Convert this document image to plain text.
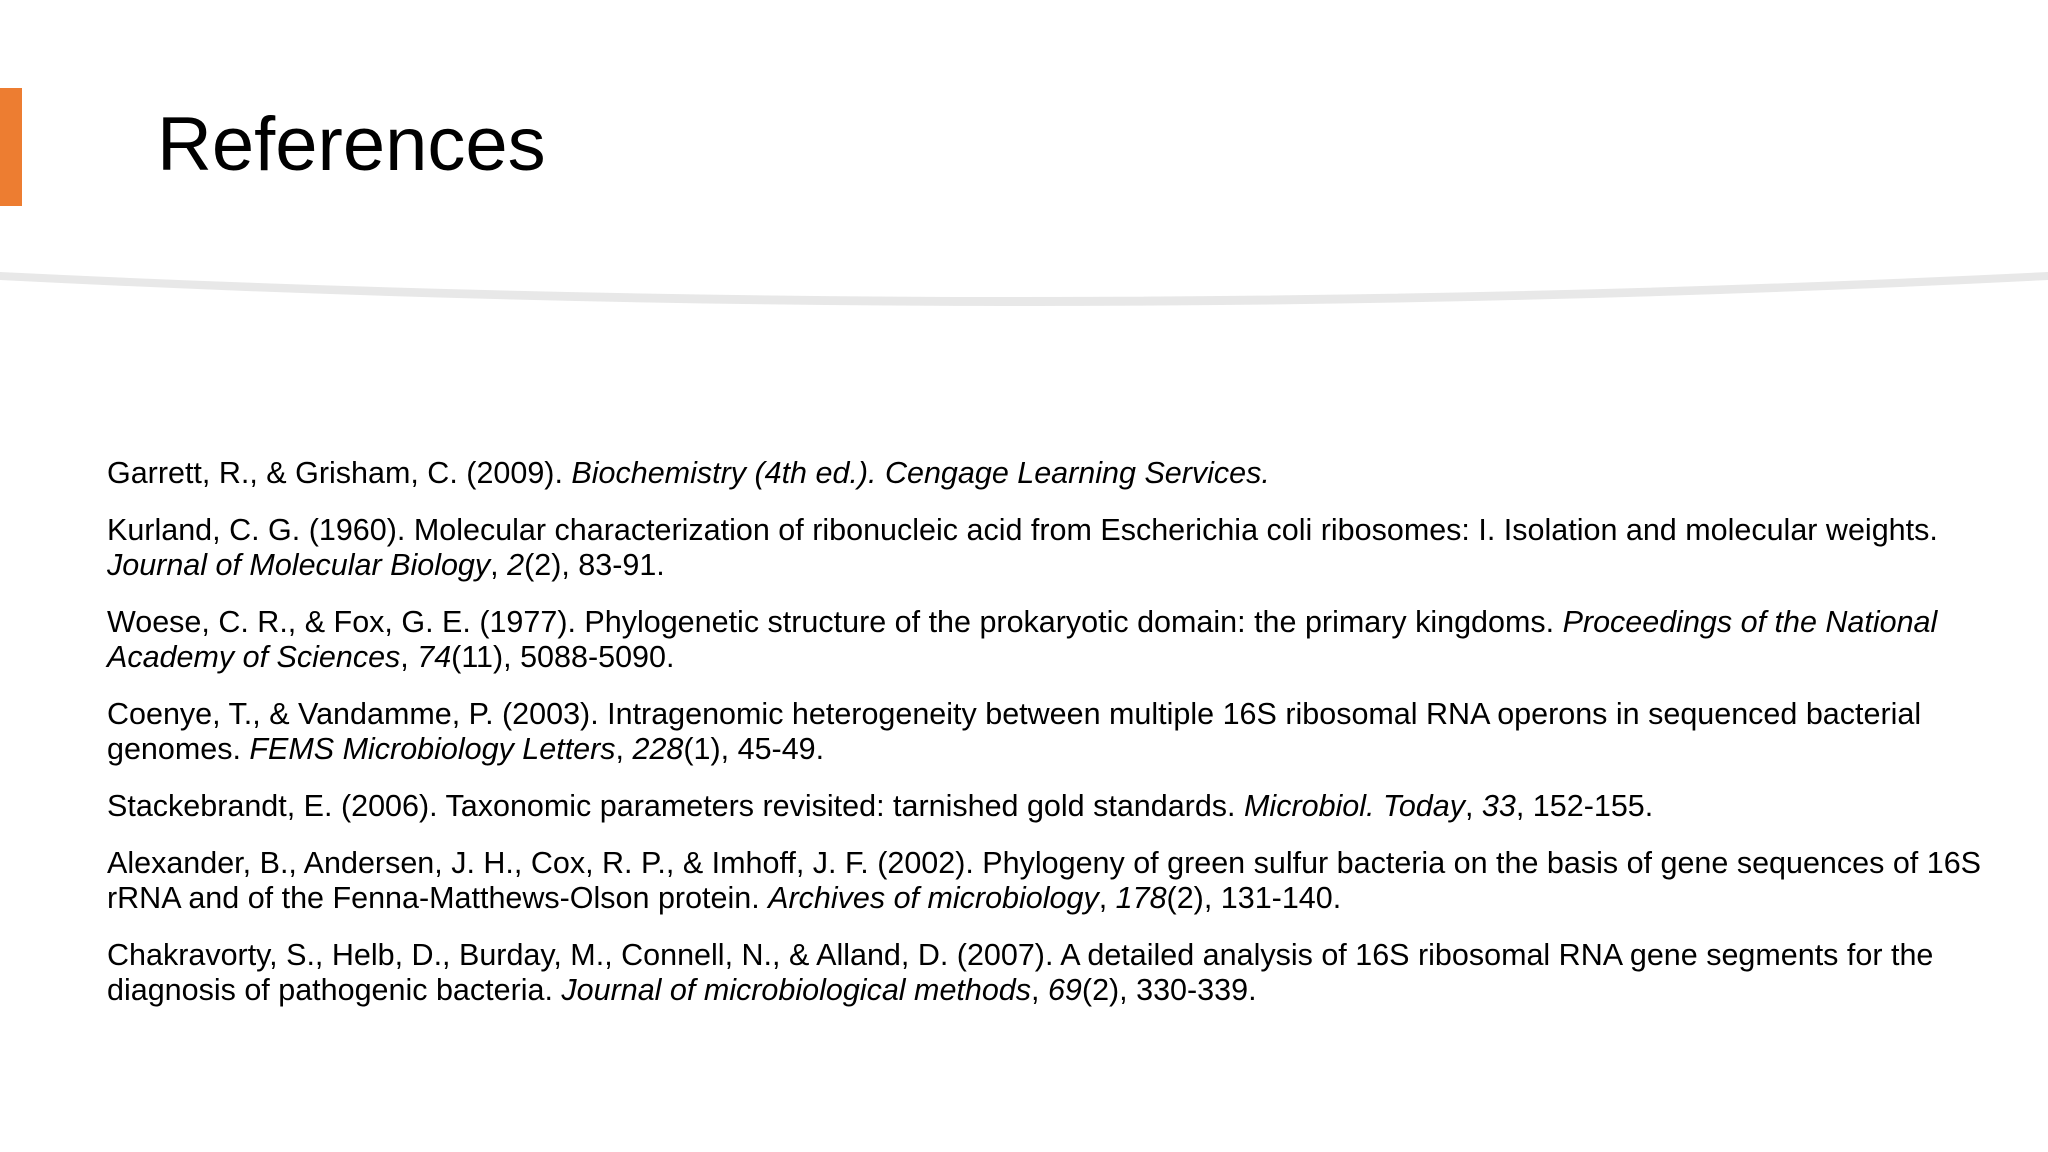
References
Garrett, R., & Grisham, C. (2009). Biochemistry (4th ed.). Cengage Learning Services.
Kurland, C. G. (1960). Molecular characterization of ribonucleic acid from Escherichia coli ribosomes: I. Isolation and molecular weights. Journal of Molecular Biology, 2(2), 83-91.
Woese, C. R., & Fox, G. E. (1977). Phylogenetic structure of the prokaryotic domain: the primary kingdoms. Proceedings of the National Academy of Sciences, 74(11), 5088-5090.
Coenye, T., & Vandamme, P. (2003). Intragenomic heterogeneity between multiple 16S ribosomal RNA operons in sequenced bacterial genomes. FEMS Microbiology Letters, 228(1), 45-49.
Stackebrandt, E. (2006). Taxonomic parameters revisited: tarnished gold standards. Microbiol. Today, 33, 152-155.
Alexander, B., Andersen, J. H., Cox, R. P., & Imhoff, J. F. (2002). Phylogeny of green sulfur bacteria on the basis of gene sequences of 16S rRNA and of the Fenna-Matthews-Olson protein. Archives of microbiology, 178(2), 131-140.
Chakravorty, S., Helb, D., Burday, M., Connell, N., & Alland, D. (2007). A detailed analysis of 16S ribosomal RNA gene segments for the diagnosis of pathogenic bacteria. Journal of microbiological methods, 69(2), 330-339.
